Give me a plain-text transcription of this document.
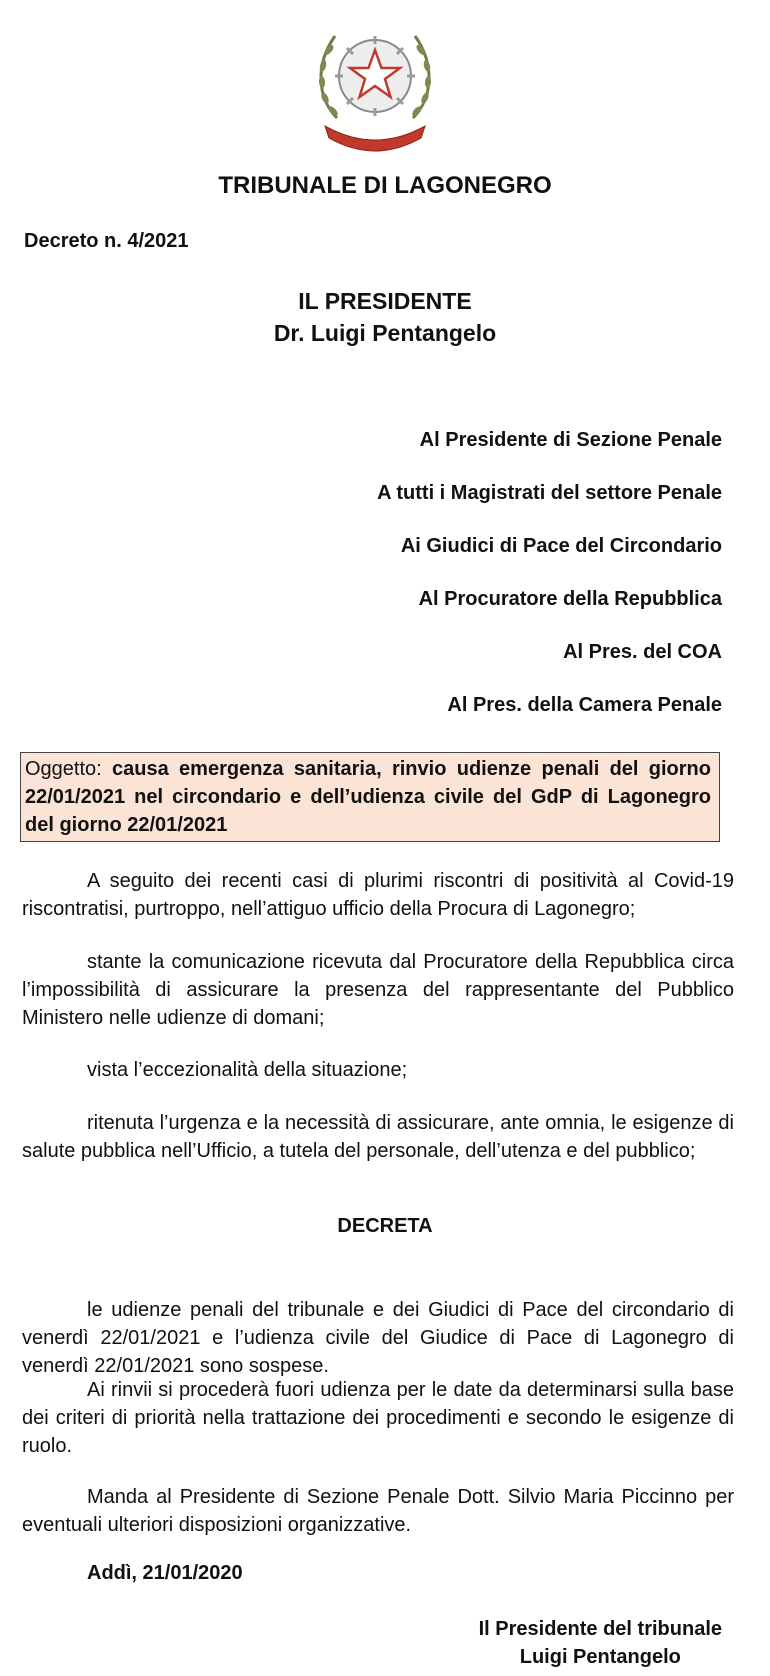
TRIBUNALE DI LAGONEGRO
Decreto n. 4/2021
IL PRESIDENTE
Dr. Luigi Pentangelo
Al Presidente di Sezione Penale
A tutti i Magistrati del settore Penale
Ai Giudici di Pace del Circondario
Al Procuratore della Repubblica
Al Pres. del COA
Al Pres. della Camera Penale
Oggetto: causa emergenza sanitaria, rinvio udienze penali del giorno 22/01/2021 nel circondario e dell’udienza civile del GdP di Lagonegro del giorno 22/01/2021
A seguito dei recenti casi di plurimi riscontri di positività al Covid-19 riscontratisi, purtroppo, nell’attiguo ufficio della Procura di Lagonegro;
stante la comunicazione ricevuta dal Procuratore della Repubblica circa l’impossibilità di assicurare la presenza del rappresentante del Pubblico Ministero nelle udienze di domani;
vista l’eccezionalità della situazione;
ritenuta l’urgenza e la necessità di assicurare, ante omnia, le esigenze di salute pubblica nell’Ufficio, a tutela del personale, dell’utenza e del pubblico;
DECRETA
le udienze penali del tribunale e dei Giudici di Pace del circondario di venerdì 22/01/2021 e l’udienza civile del Giudice di Pace di Lagonegro di venerdì 22/01/2021 sono sospese.
Ai rinvii si procederà fuori udienza per le date da determinarsi sulla base dei criteri di priorità nella trattazione dei procedimenti e secondo le esigenze di ruolo.
Manda al Presidente di Sezione Penale Dott. Silvio Maria Piccinno per eventuali ulteriori disposizioni organizzative.
Addì, 21/01/2020
Il Presidente del tribunale
Luigi Pentangelo
